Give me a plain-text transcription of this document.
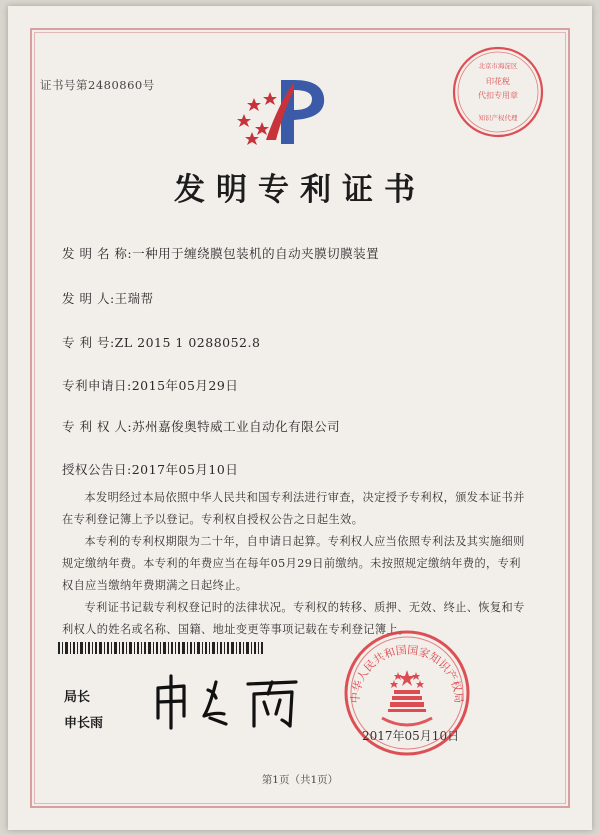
证书号第2480860号	印花税
代扣专用章
北京市海淀区
知识产权代理
发明专利证书
发 明 名 称:一种用于缠绕膜包装机的自动夹膜切膜装置
发 明 人:王瑞帮
专 利 号:ZL 2015 1 0288052.8
专利申请日:2015年05月29日
专 利 权 人:苏州嘉俊奥特威工业自动化有限公司
授权公告日:2017年05月10日

本发明经过本局依照中华人民共和国专利法进行审查，决定授予专利权，颁发本证书并在专利登记簿上予以登记。专利权自授权公告之日起生效。

本专利的专利权期限为二十年，自申请日起算。专利权人应当依照专利法及其实施细则规定缴纳年费。本专利的年费应当在每年05月29日前缴纳。未按照规定缴纳年费的，专利权自应当缴纳年费期满之日起终止。

专利证书记载专利权登记时的法律状况。专利权的转移、质押、无效、终止、恢复和专利权人的姓名或名称、国籍、地址变更等事项记载在专利登记簿上。

局长
申长雨
中华人民共和国国家知识产权局
2017年05月10日
第1页（共1页）
